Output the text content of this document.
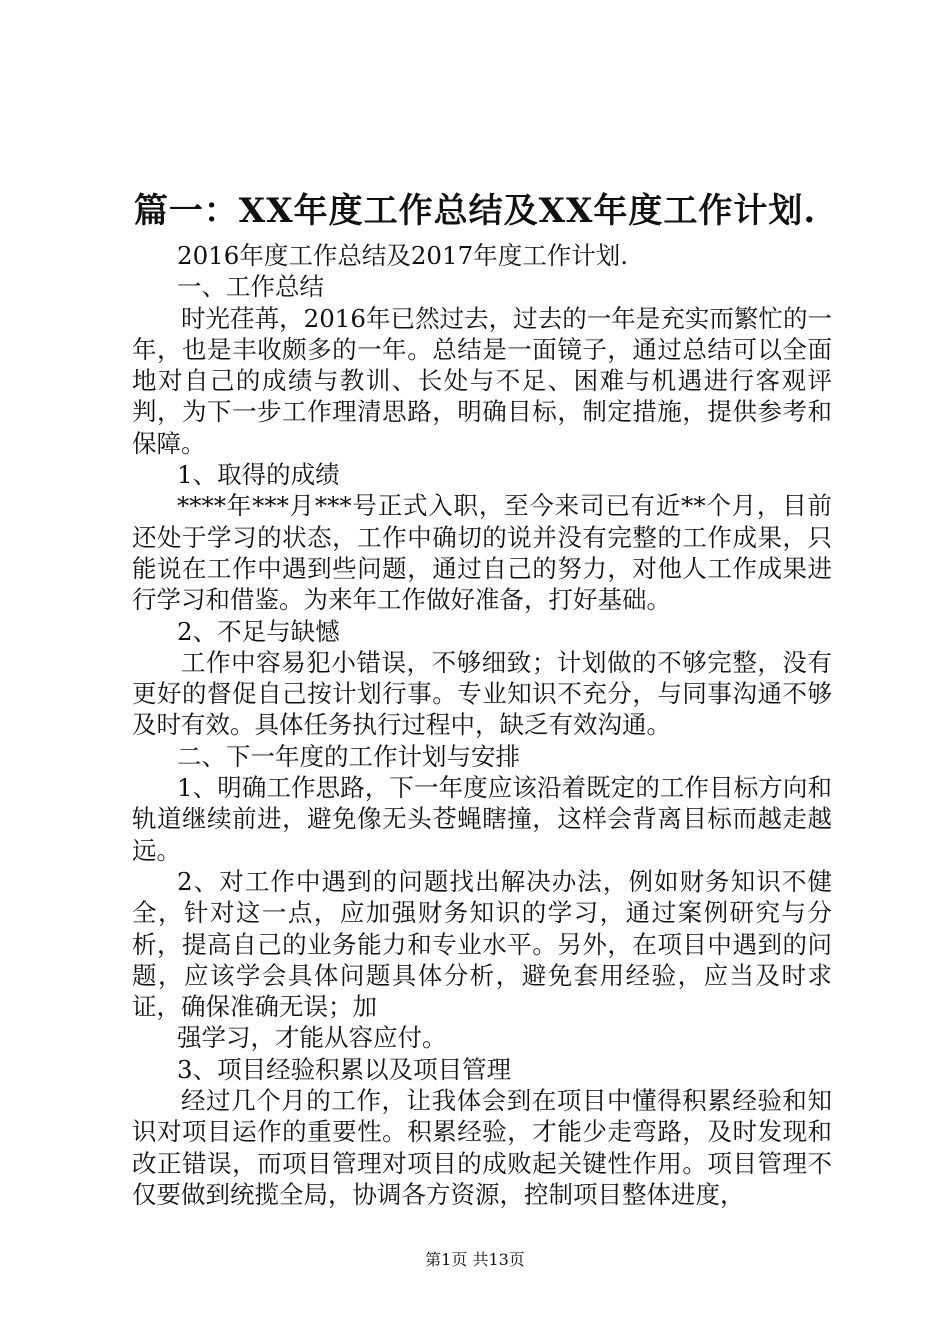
篇一：XX年度工作总结及XX年度工作计划.

2016年度工作总结及2017年度工作计划.

一、工作总结

时光荏苒，2016年已然过去，过去的一年是充实而繁忙的一年，也是丰收颇多的一年。总结是一面镜子，通过总结可以全面地对自己的成绩与教训、长处与不足、困难与机遇进行客观评判，为下一步工作理清思路，明确目标，制定措施，提供参考和保障。

1、取得的成绩

****年***月***号正式入职，至今来司已有近**个月，目前还处于学习的状态，工作中确切的说并没有完整的工作成果，只能说在工作中遇到些问题，通过自己的努力，对他人工作成果进行学习和借鉴。为来年工作做好准备，打好基础。

2、不足与缺憾

工作中容易犯小错误，不够细致；计划做的不够完整，没有更好的督促自己按计划行事。专业知识不充分，与同事沟通不够及时有效。具体任务执行过程中，缺乏有效沟通。

二、下一年度的工作计划与安排

1、明确工作思路，下一年度应该沿着既定的工作目标方向和轨道继续前进，避免像无头苍蝇瞎撞，这样会背离目标而越走越远。

2、对工作中遇到的问题找出解决办法，例如财务知识不健全，针对这一点，应加强财务知识的学习，通过案例研究与分析，提高自己的业务能力和专业水平。另外，在项目中遇到的问题，应该学会具体问题具体分析，避免套用经验，应当及时求证，确保准确无误；加

强学习，才能从容应付。

3、项目经验积累以及项目管理

经过几个月的工作，让我体会到在项目中懂得积累经验和知识对项目运作的重要性。积累经验，才能少走弯路，及时发现和改正错误，而项目管理对项目的成败起关键性作用。项目管理不仅要做到统揽全局，协调各方资源，控制项目整体进度，

第1页 共13页
